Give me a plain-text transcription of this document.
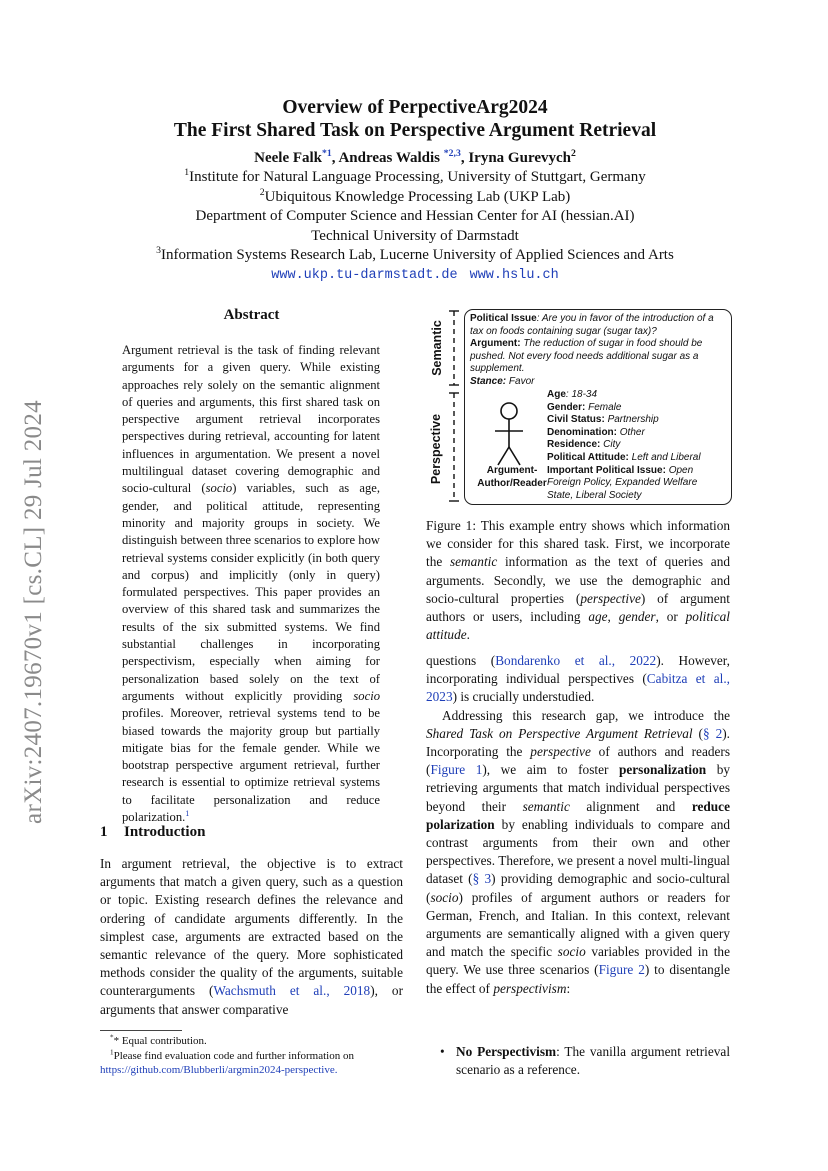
arXiv:2407.19670v1 [cs.CL] 29 Jul 2024
Overview of PerpectiveArg2024
The First Shared Task on Perspective Argument Retrieval
Neele Falk$^{*1}$, Andreas Waldis $^{*2,3}$, Iryna Gurevych$^2$
$^1$Institute for Natural Language Processing, University of Stuttgart, Germany
$^2$Ubiquitous Knowledge Processing Lab (UKP Lab)
Department of Computer Science and Hessian Center for AI (hessian.AI)
Technical University of Darmstadt
$^3$Information Systems Research Lab, Lucerne University of Applied Sciences and Arts
www.ukp.tu-darmstadt.de www.hslu.ch
Abstract
Argument retrieval is the task of finding relevant arguments for a given query. While existing approaches rely solely on the semantic alignment of queries and arguments, this first shared task on perspective argument retrieval incorporates perspectives during retrieval, accounting for latent influences in argumentation. We present a novel multilingual dataset covering demographic and socio-cultural (socio) variables, such as age, gender, and political attitude, representing minority and majority groups in society. We distinguish between three scenarios to explore how retrieval systems consider explicitly (in both query and corpus) and implicitly (only in query) formulated perspectives. This paper provides an overview of this shared task and summarizes the results of the six submitted systems. We find substantial challenges in incorporating perspectivism, especially when aiming for personalization based solely on the text of arguments without explicitly providing socio profiles. Moreover, retrieval systems tend to be biased towards the majority group but partially mitigate bias for the female gender. While we bootstrap perspective argument retrieval, further research is essential to optimize retrieval systems to facilitate personalization and reduce polarization.$^1$
1 Introduction
In argument retrieval, the objective is to extract arguments that match a given query, such as a question or topic. Existing research defines the relevance and ordering of candidate arguments differently. In the simplest case, arguments are extracted based on the semantic relevance of the query. More sophisticated methods consider the quality of the arguments, suitable counterarguments (Wachsmuth et al., 2018), or arguments that answer comparative
** Equal contribution.
$^1$Please find evaluation code and further information on https://github.com/Blubberli/argmin2024-perspective.
Semantic
Perspective
Political Issue: Are you in favor of the introduction of a tax on foods containing sugar (sugar tax)?
Argument: The reduction of sugar in food should be pushed. Not every food needs additional sugar as a supplement.
Stance: Favor
Argument-
Author/Reader
Age: 18-34
Gender: Female
Civil Status: Partnership
Denomination: Other
Residence: City
Political Attitude: Left and Liberal
Important Political Issue: Open Foreign Policy, Expanded Welfare State, Liberal Society
Figure 1: This example entry shows which information we consider for this shared task. First, we incorporate the semantic information as the text of queries and arguments. Secondly, we use the demographic and socio-cultural properties (perspective) of argument authors or users, including age, gender, or political attitude.

questions (Bondarenko et al., 2022). However, incorporating individual perspectives (Cabitza et al., 2023) is crucially understudied.

Addressing this research gap, we introduce the Shared Task on Perspective Argument Retrieval (§ 2). Incorporating the perspective of authors and readers (Figure 1), we aim to foster personalization by retrieving arguments that match individual perspectives beyond their semantic alignment and reduce polarization by enabling individuals to compare and contrast arguments from their own and other perspectives. Therefore, we present a novel multi-lingual dataset (§ 3) providing demographic and socio-cultural (socio) profiles of argument authors or readers for German, French, and Italian. In this context, relevant arguments are semantically aligned with a given query and match the specific socio variables provided in the query. We use three scenarios (Figure 2) to disentangle the effect of perspectivism:

• No Perspectivism: The vanilla argument retrieval scenario as a reference.
